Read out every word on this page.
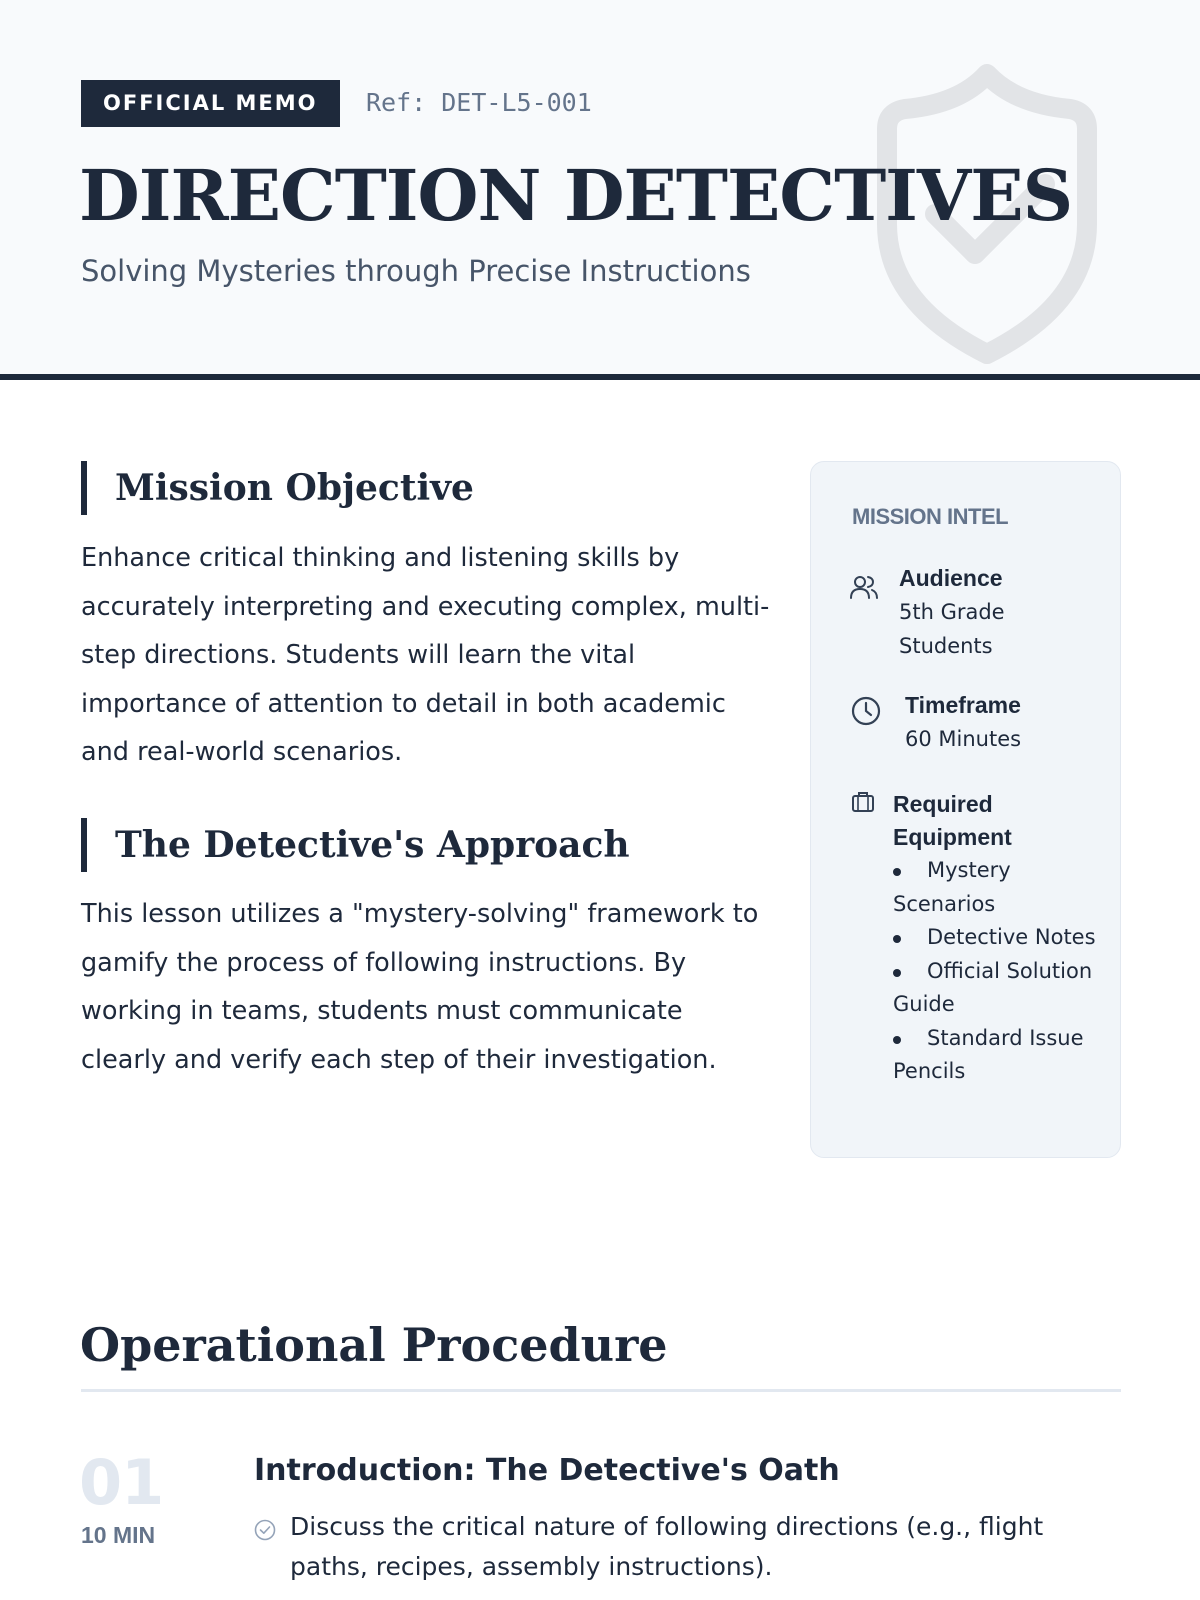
OFFICIAL MEMO	Ref: DET-L5-001
DIRECTION DETECTIVES
Solving Mysteries through Precise Instructions
Mission Objective

Enhance critical thinking and listening skills by accurately interpreting and executing complex, multi-step directions. Students will learn the vital importance of attention to detail in both academic and real-world scenarios.

The Detective's Approach

This lesson utilizes a "mystery-solving" framework to gamify the process of following instructions. By working in teams, students must communicate clearly and verify each step of their investigation.

MISSION INTEL
Audience
5th Grade Students
Timeframe
60 Minutes
Required Equipment
Mystery Scenarios
Detective Notes
Official Solution Guide
Standard Issue Pencils
Operational Procedure
01
10 MIN
Introduction: The Detective's Oath

Discuss the critical nature of following directions (e.g., flight paths, recipes, assembly instructions).
